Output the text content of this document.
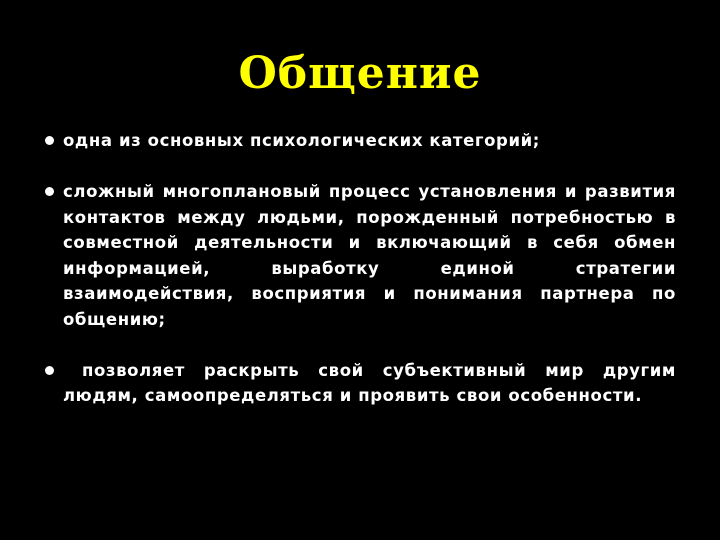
Общение
одна из основных психологических категорий;
сложный многоплановый процесс установления и развития контактов между людьми, порожденный потребностью в совместной деятельности и включающий в себя обмен информацией, выработку единой стратегии взаимодействия, восприятия и понимания партнера по общению;
позволяет раскрыть свой субъективный мир другим людям, самоопределяться и проявить свои особенности.
